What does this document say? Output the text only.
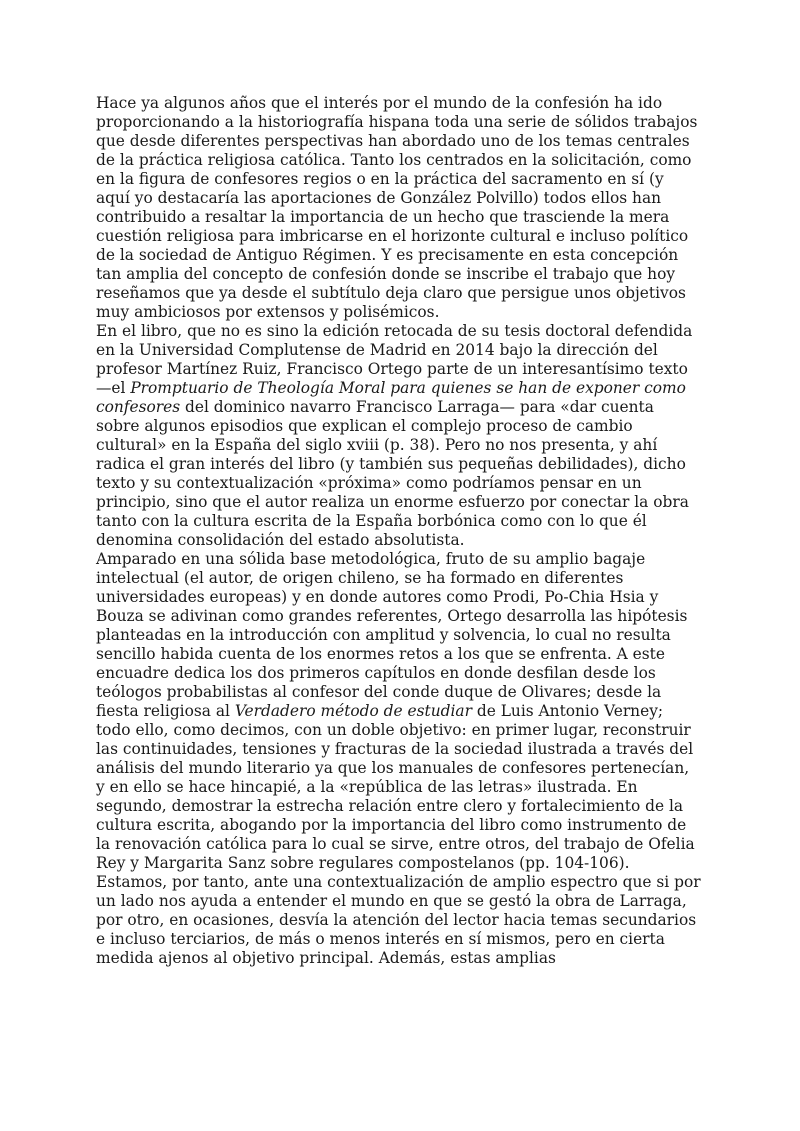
Hace ya algunos años que el interés por el mundo de la confesión ha ido proporcionando a la historiografía hispana toda una serie de sólidos trabajos que desde diferentes perspectivas han abordado uno de los temas centrales de la práctica religiosa católica. Tanto los centrados en la solicitación, como en la figura de confesores regios o en la práctica del sacramento en sí (y aquí yo destacaría las aportaciones de González Polvillo) todos ellos han contribuido a resaltar la importancia de un hecho que trasciende la mera cuestión religiosa para imbricarse en el horizonte cultural e incluso político de la sociedad de Antiguo Régimen. Y es precisamente en esta concepción tan amplia del concepto de confesión donde se inscribe el trabajo que hoy reseñamos que ya desde el subtítulo deja claro que persigue unos objetivos muy ambiciosos por extensos y polisémicos.

En el libro, que no es sino la edición retocada de su tesis doctoral defendida en la Universidad Complutense de Madrid en 2014 bajo la dirección del profesor Martínez Ruiz, Francisco Ortego parte de un interesantísimo texto —el Promptuario de Theología Moral para quienes se han de exponer como confesores del dominico navarro Francisco Larraga— para «dar cuenta sobre algunos episodios que explican el complejo proceso de cambio cultural» en la España del siglo xviii (p. 38). Pero no nos presenta, y ahí radica el gran interés del libro (y también sus pequeñas debilidades), dicho texto y su contextualización «próxima» como podríamos pensar en un principio, sino que el autor realiza un enorme esfuerzo por conectar la obra tanto con la cultura escrita de la España borbónica como con lo que él denomina consolidación del estado absolutista.

Amparado en una sólida base metodológica, fruto de su amplio bagaje intelectual (el autor, de origen chileno, se ha formado en diferentes universidades europeas) y en donde autores como Prodi, Po-Chia Hsia y Bouza se adivinan como grandes referentes, Ortego desarrolla las hipótesis planteadas en la introducción con amplitud y solvencia, lo cual no resulta sencillo habida cuenta de los enormes retos a los que se enfrenta. A este encuadre dedica los dos primeros capítulos en donde desfilan desde los teólogos probabilistas al confesor del conde duque de Olivares; desde la fiesta religiosa al Verdadero método de estudiar de Luis Antonio Verney; todo ello, como decimos, con un doble objetivo: en primer lugar, reconstruir las continuidades, tensiones y fracturas de la sociedad ilustrada a través del análisis del mundo literario ya que los manuales de confesores pertenecían, y en ello se hace hincapié, a la «república de las letras» ilustrada. En segundo, demostrar la estrecha relación entre clero y fortalecimiento de la cultura escrita, abogando por la importancia del libro como instrumento de la renovación católica para lo cual se sirve, entre otros, del trabajo de Ofelia Rey y Margarita Sanz sobre regulares compostelanos (pp. 104-106).

Estamos, por tanto, ante una contextualización de amplio espectro que si por un lado nos ayuda a entender el mundo en que se gestó la obra de Larraga, por otro, en ocasiones, desvía la atención del lector hacia temas secundarios e incluso terciarios, de más o menos interés en sí mismos, pero en cierta medida ajenos al objetivo principal. Además, estas amplias
